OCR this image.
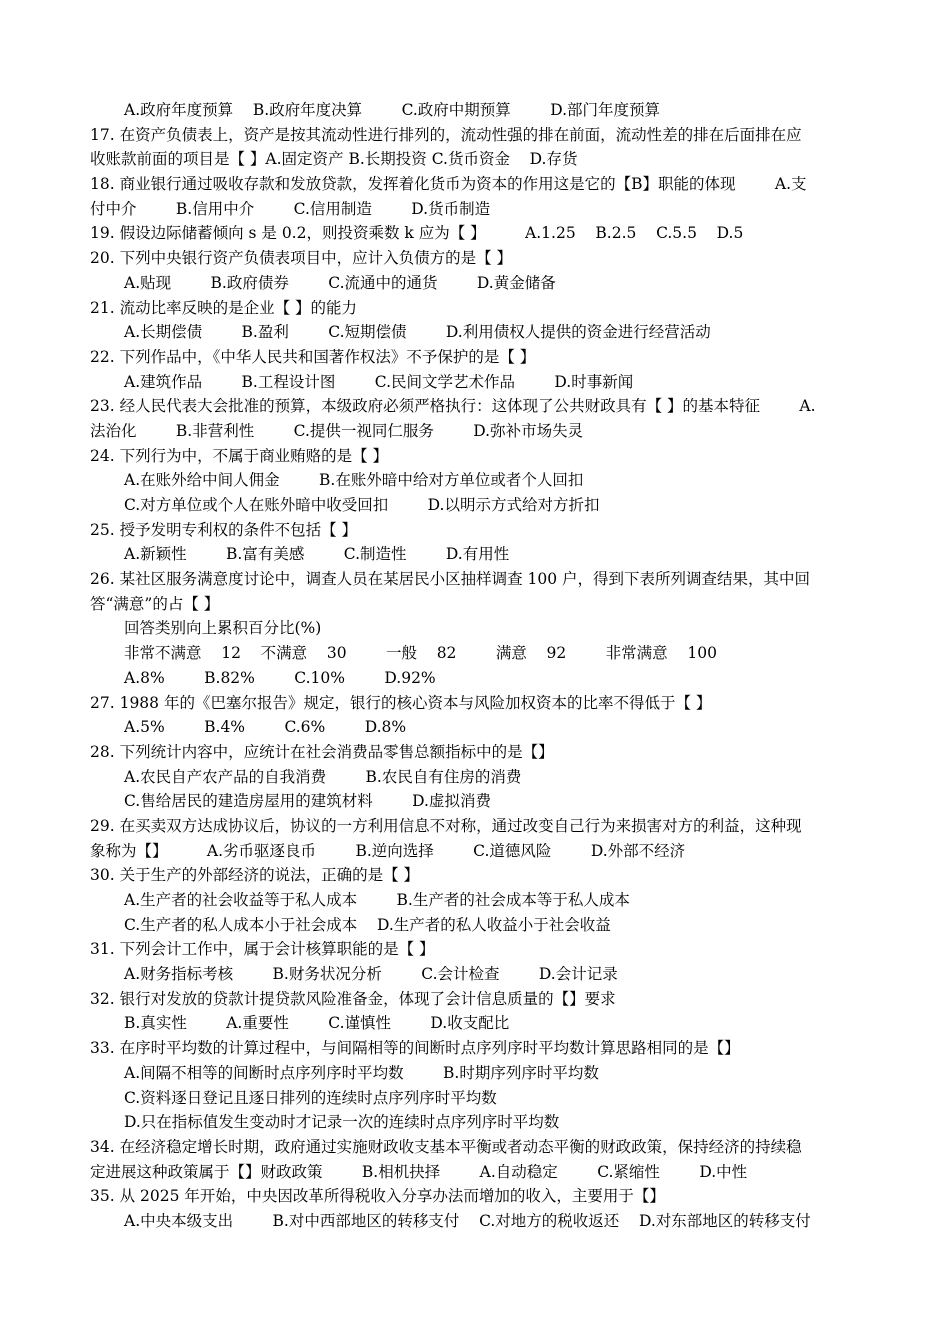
A.政府年度预算    B.政府年度决算        C.政府中期预算        D.部门年度预算
17. 在资产负债表上，资产是按其流动性进行排列的，流动性强的排在前面，流动性差的排在后面排在应
收账款前面的项目是【 】A.固定资产 B.长期投资 C.货币资金    D.存货
18. 商业银行通过吸收存款和发放贷款，发挥着化货币为资本的作用这是它的【B】职能的体现        A.支
付中介        B.信用中介        C.信用制造        D.货币制造
19. 假设边际储蓄倾向 s 是 0.2，则投资乘数 k 应为【 】        A.1.25    B.2.5    C.5.5    D.5
20. 下列中央银行资产负债表项目中，应计入负债方的是【 】
A.贴现        B.政府债券        C.流通中的通货        D.黄金储备
21. 流动比率反映的是企业【 】的能力
A.长期偿债        B.盈利        C.短期偿债        D.利用债权人提供的资金进行经营活动
22. 下列作品中，《中华人民共和国著作权法》不予保护的是【 】
A.建筑作品        B.工程设计图        C.民间文学艺术作品        D.时事新闻
23. 经人民代表大会批准的预算，本级政府必须严格执行：这体现了公共财政具有【 】的基本特征        A.
法治化        B.非营利性        C.提供一视同仁服务        D.弥补市场失灵
24. 下列行为中，不属于商业贿赂的是【 】
A.在账外给中间人佣金        B.在账外暗中给对方单位或者个人回扣
C.对方单位或个人在账外暗中收受回扣        D.以明示方式给对方折扣
25. 授予发明专利权的条件不包括【 】
A.新颖性        B.富有美感        C.制造性        D.有用性
26. 某社区服务满意度讨论中，调查人员在某居民小区抽样调查 100 户，得到下表所列调查结果，其中回
答“满意”的占【 】
回答类别向上累积百分比(%)
非常不满意    12    不满意    30        一般    82        满意    92        非常满意    100
A.8%        B.82%        C.10%        D.92%
27. 1988 年的《巴塞尔报告》规定，银行的核心资本与风险加权资本的比率不得低于【 】
A.5%        B.4%        C.6%        D.8%
28. 下列统计内容中，应统计在社会消费品零售总额指标中的是【】
A.农民自产农产品的自我消费        B.农民自有住房的消费
C.售给居民的建造房屋用的建筑材料        D.虚拟消费
29. 在买卖双方达成协议后，协议的一方利用信息不对称，通过改变自己行为来损害对方的利益，这种现
象称为【】        A.劣币驱逐良币        B.逆向选择        C.道德风险        D.外部不经济
30. 关于生产的外部经济的说法，正确的是【 】
A.生产者的社会收益等于私人成本        B.生产者的社会成本等于私人成本
C.生产者的私人成本小于社会成本    D.生产者的私人收益小于社会收益
31. 下列会计工作中，属于会计核算职能的是【 】
A.财务指标考核        B.财务状况分析        C.会计检查        D.会计记录
32. 银行对发放的贷款计提贷款风险准备金，体现了会计信息质量的【】要求
B.真实性        A.重要性        C.谨慎性        D.收支配比
33. 在序时平均数的计算过程中，与间隔相等的间断时点序列序时平均数计算思路相同的是【】
A.间隔不相等的间断时点序列序时平均数        B.时期序列序时平均数
C.资料逐日登记且逐日排列的连续时点序列序时平均数
D.只在指标值发生变动时才记录一次的连续时点序列序时平均数
34. 在经济稳定增长时期，政府通过实施财政收支基本平衡或者动态平衡的财政政策，保持经济的持续稳
定进展这种政策属于【】财政政策        B.相机抉择        A.自动稳定        C.紧缩性        D.中性
35. 从 2025 年开始，中央因改革所得税收入分享办法而增加的收入，主要用于【】
A.中央本级支出        B.对中西部地区的转移支付    C.对地方的税收返还    D.对东部地区的转移支付
